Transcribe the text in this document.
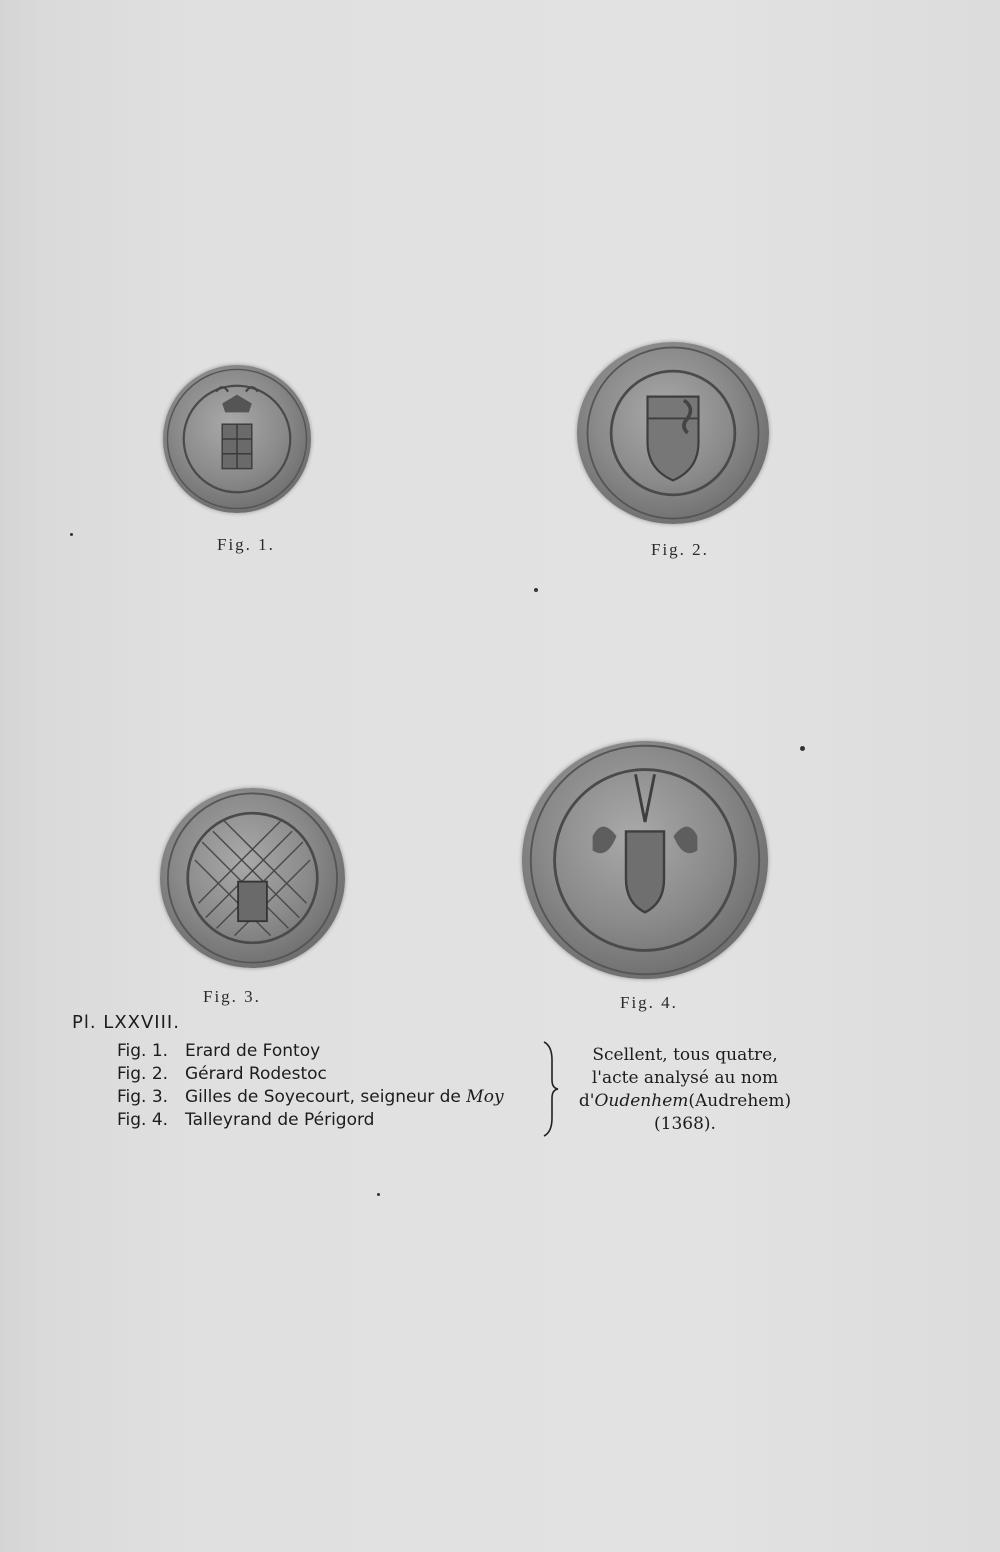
Fig. 1.	Fig. 2.
Fig. 3.	Fig. 4.
Pl. LXXVIII.
Fig. 1. Erard de Fontoy
Fig. 2. Gérard Rodestoc
Fig. 3. Gilles de Soyecourt, seigneur de Moy
Fig. 4. Talleyrand de Périgord
Scellent, tous quatre,
l'acte analysé au nom
d'Oudenhem(Audrehem)
(1368).
